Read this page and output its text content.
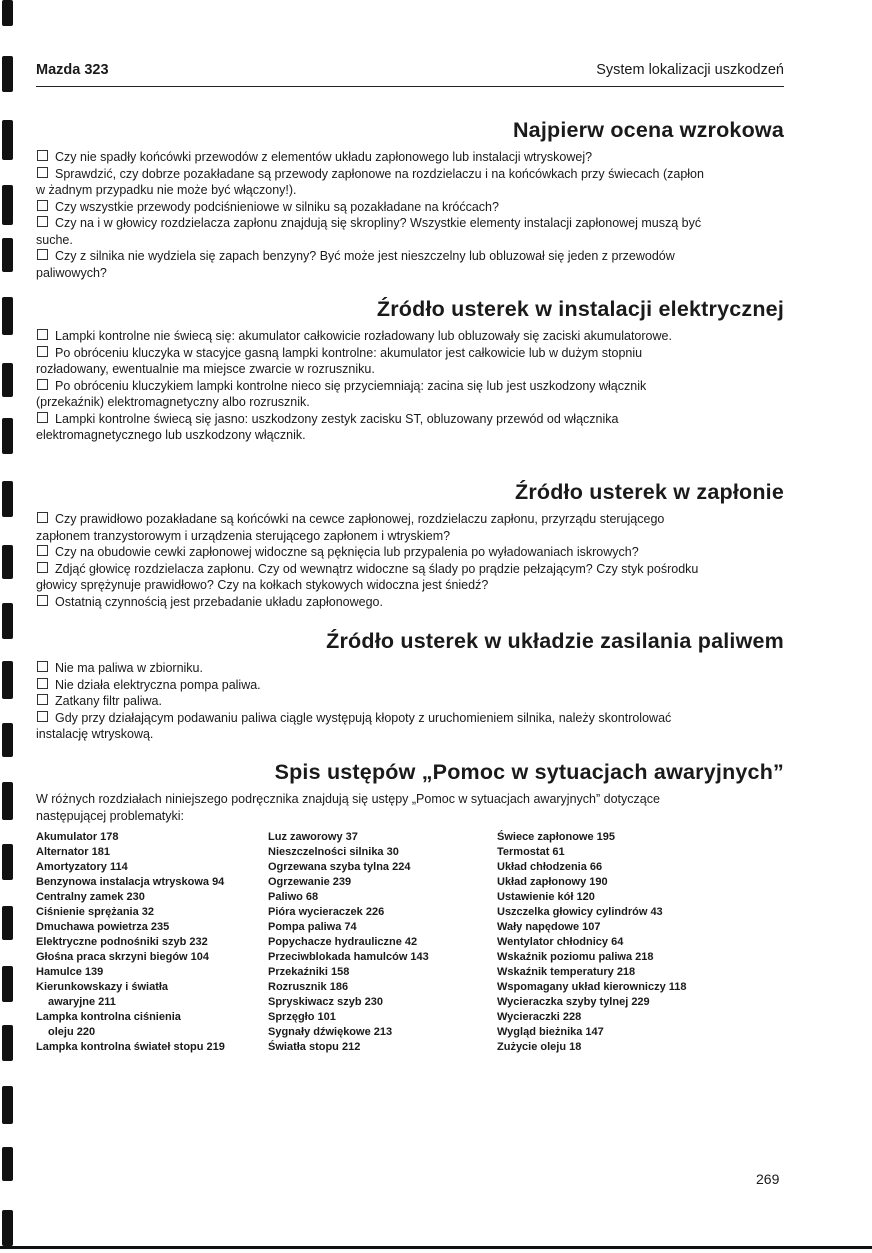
Mazda 323	System lokalizacji uszkodzeń
Najpierw ocena wzrokowa
Czy nie spadły końcówki przewodów z elementów układu zapłonowego lub instalacji wtryskowej?
Sprawdzić, czy dobrze pozakładane są przewody zapłonowe na rozdzielaczu i na końcówkach przy świecach (zapłon w żadnym przypadku nie może być włączony!).
Czy wszystkie przewody podciśnieniowe w silniku są pozakładane na króćcach?
Czy na i w głowicy rozdzielacza zapłonu znajdują się skropliny? Wszystkie elementy instalacji zapłonowej muszą być suche.
Czy z silnika nie wydziela się zapach benzyny? Być może jest nieszczelny lub obluzował się jeden z przewodów paliwowych?
Źródło usterek w instalacji elektrycznej
Lampki kontrolne nie świecą się: akumulator całkowicie rozładowany lub obluzowały się zaciski akumulatorowe.
Po obróceniu kluczyka w stacyjce gasną lampki kontrolne: akumulator jest całkowicie lub w dużym stopniu rozładowany, ewentualnie ma miejsce zwarcie w rozruszniku.
Po obróceniu kluczykiem lampki kontrolne nieco się przyciemniają: zacina się lub jest uszkodzony włącznik (przekaźnik) elektromagnetyczny albo rozrusznik.
Lampki kontrolne świecą się jasno: uszkodzony zestyk zacisku ST, obluzowany przewód od włącznika elektromagnetycznego lub uszkodzony włącznik.
Źródło usterek w zapłonie
Czy prawidłowo pozakładane są końcówki na cewce zapłonowej, rozdzielaczu zapłonu, przyrządu sterującego zapłonem tranzystorowym i urządzenia sterującego zapłonem i wtryskiem?
Czy na obudowie cewki zapłonowej widoczne są pęknięcia lub przypalenia po wyładowaniach iskrowych?
Zdjąć głowicę rozdzielacza zapłonu. Czy od wewnątrz widoczne są ślady po prądzie pełzającym? Czy styk pośrodku głowicy sprężynuje prawidłowo? Czy na kołkach stykowych widoczna jest śniedź?
Ostatnią czynnością jest przebadanie układu zapłonowego.
Źródło usterek w układzie zasilania paliwem
Nie ma paliwa w zbiorniku.
Nie działa elektryczna pompa paliwa.
Zatkany filtr paliwa.
Gdy przy działającym podawaniu paliwa ciągle występują kłopoty z uruchomieniem silnika, należy skontrolować instalację wtryskową.
Spis ustępów „Pomoc w sytuacjach awaryjnych”

W różnych rozdziałach niniejszego podręcznika znajdują się ustępy „Pomoc w sytuacjach awaryjnych” dotyczące następującej problematyki:

Akumulator 178
Alternator 181
Amortyzatory 114
Benzynowa instalacja wtryskowa 94
Centralny zamek 230
Ciśnienie sprężania 32
Dmuchawa powietrza 235
Elektryczne podnośniki szyb 232
Głośna praca skrzyni biegów 104
Hamulce 139
Kierunkowskazy i światła
awaryjne 211
Lampka kontrolna ciśnienia
oleju 220
Lampka kontrolna świateł stopu 219
Luz zaworowy 37
Nieszczelności silnika 30
Ogrzewana szyba tylna 224
Ogrzewanie 239
Paliwo 68
Pióra wycieraczek 226
Pompa paliwa 74
Popychacze hydrauliczne 42
Przeciwblokada hamulców 143
Przekaźniki 158
Rozrusznik 186
Spryskiwacz szyb 230
Sprzęgło 101
Sygnały dźwiękowe 213
Światła stopu 212
Świece zapłonowe 195
Termostat 61
Układ chłodzenia 66
Układ zapłonowy 190
Ustawienie kół 120
Uszczelka głowicy cylindrów 43
Wały napędowe 107
Wentylator chłodnicy 64
Wskaźnik poziomu paliwa 218
Wskaźnik temperatury 218
Wspomagany układ kierowniczy 118
Wycieraczka szyby tylnej 229
Wycieraczki 228
Wygląd bieżnika 147
Zużycie oleju 18
269
